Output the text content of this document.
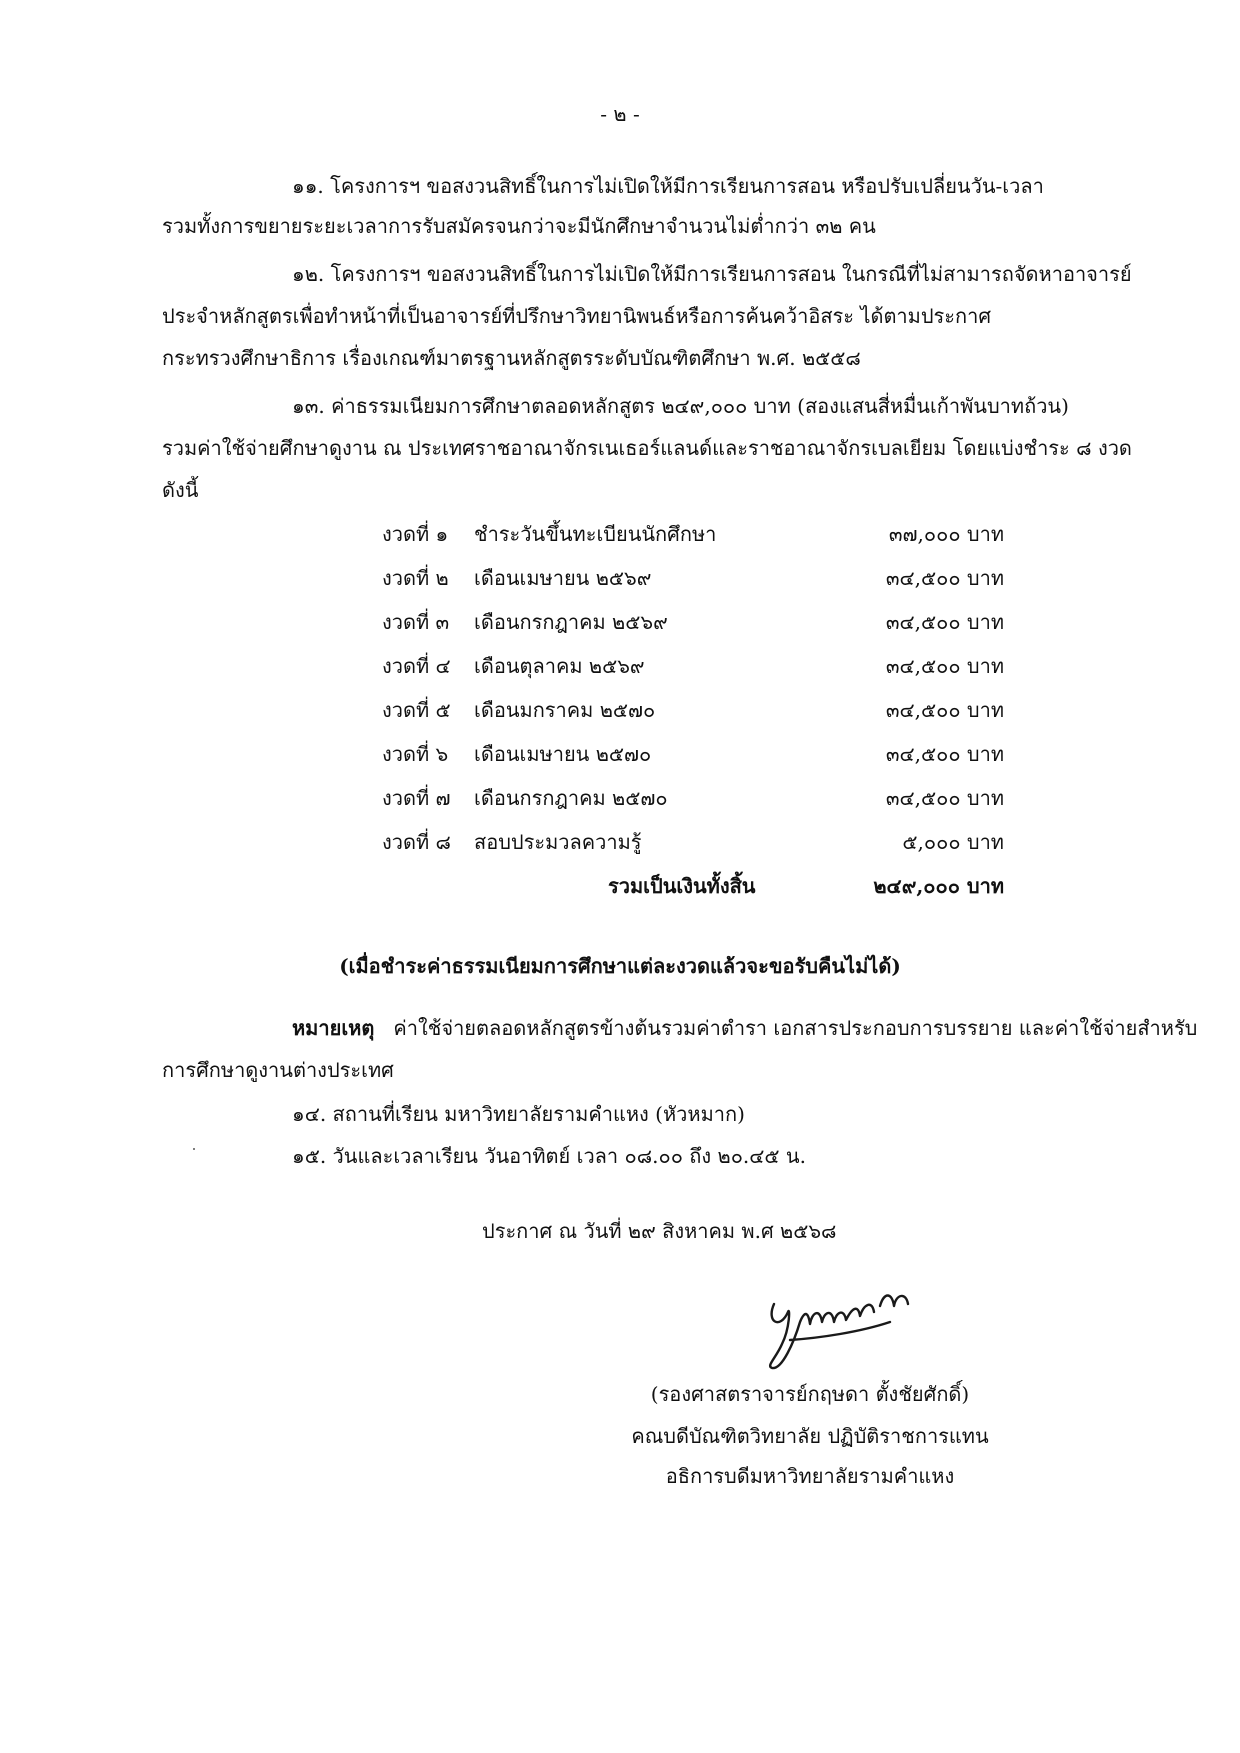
- ๒ -
๑๑. โครงการฯ ขอสงวนสิทธิ์ในการไม่เปิดให้มีการเรียนการสอน หรือปรับเปลี่ยนวัน-เวลา
รวมทั้งการขยายระยะเวลาการรับสมัครจนกว่าจะมีนักศึกษาจำนวนไม่ต่ำกว่า ๓๒ คน
๑๒. โครงการฯ ขอสงวนสิทธิ์ในการไม่เปิดให้มีการเรียนการสอน ในกรณีที่ไม่สามารถจัดหาอาจารย์
ประจำหลักสูตรเพื่อทำหน้าที่เป็นอาจารย์ที่ปรึกษาวิทยานิพนธ์หรือการค้นคว้าอิสระ ได้ตามประกาศ
กระทรวงศึกษาธิการ เรื่องเกณฑ์มาตรฐานหลักสูตรระดับบัณฑิตศึกษา พ.ศ. ๒๕๕๘
๑๓. ค่าธรรมเนียมการศึกษาตลอดหลักสูตร ๒๔๙,๐๐๐ บาท (สองแสนสี่หมื่นเก้าพันบาทถ้วน)
รวมค่าใช้จ่ายศึกษาดูงาน ณ ประเทศราชอาณาจักรเนเธอร์แลนด์และราชอาณาจักรเบลเยียม โดยแบ่งชำระ ๘ งวด
ดังนี้
งวดที่ ๑ ชำระวันขึ้นทะเบียนนักศึกษา	๓๗,๐๐๐ บาท
งวดที่ ๒ เดือนเมษายน ๒๕๖๙	๓๔,๕๐๐ บาท
งวดที่ ๓ เดือนกรกฎาคม ๒๕๖๙	๓๔,๕๐๐ บาท
งวดที่ ๔ เดือนตุลาคม ๒๕๖๙	๓๔,๕๐๐ บาท
งวดที่ ๕ เดือนมกราคม ๒๕๗๐	๓๔,๕๐๐ บาท
งวดที่ ๖ เดือนเมษายน ๒๕๗๐	๓๔,๕๐๐ บาท
งวดที่ ๗ เดือนกรกฎาคม ๒๕๗๐	๓๔,๕๐๐ บาท
งวดที่ ๘ สอบประมวลความรู้	๕,๐๐๐ บาท
รวมเป็นเงินทั้งสิ้น	๒๔๙,๐๐๐ บาท
(เมื่อชำระค่าธรรมเนียมการศึกษาแต่ละงวดแล้วจะขอรับคืนไม่ได้)
หมายเหตุ ค่าใช้จ่ายตลอดหลักสูตรข้างต้นรวมค่าตำรา เอกสารประกอบการบรรยาย และค่าใช้จ่ายสำหรับ
การศึกษาดูงานต่างประเทศ
๑๔. สถานที่เรียน มหาวิทยาลัยรามคำแหง (หัวหมาก)
๑๕. วันและเวลาเรียน วันอาทิตย์ เวลา ๐๘.๐๐ ถึง ๒๐.๔๕ น.
ประกาศ ณ วันที่ ๒๙ สิงหาคม พ.ศ ๒๕๖๘
(รองศาสตราจารย์กฤษดา ตั้งชัยศักดิ์)
คณบดีบัณฑิตวิทยาลัย ปฏิบัติราชการแทน
อธิการบดีมหาวิทยาลัยรามคำแหง
